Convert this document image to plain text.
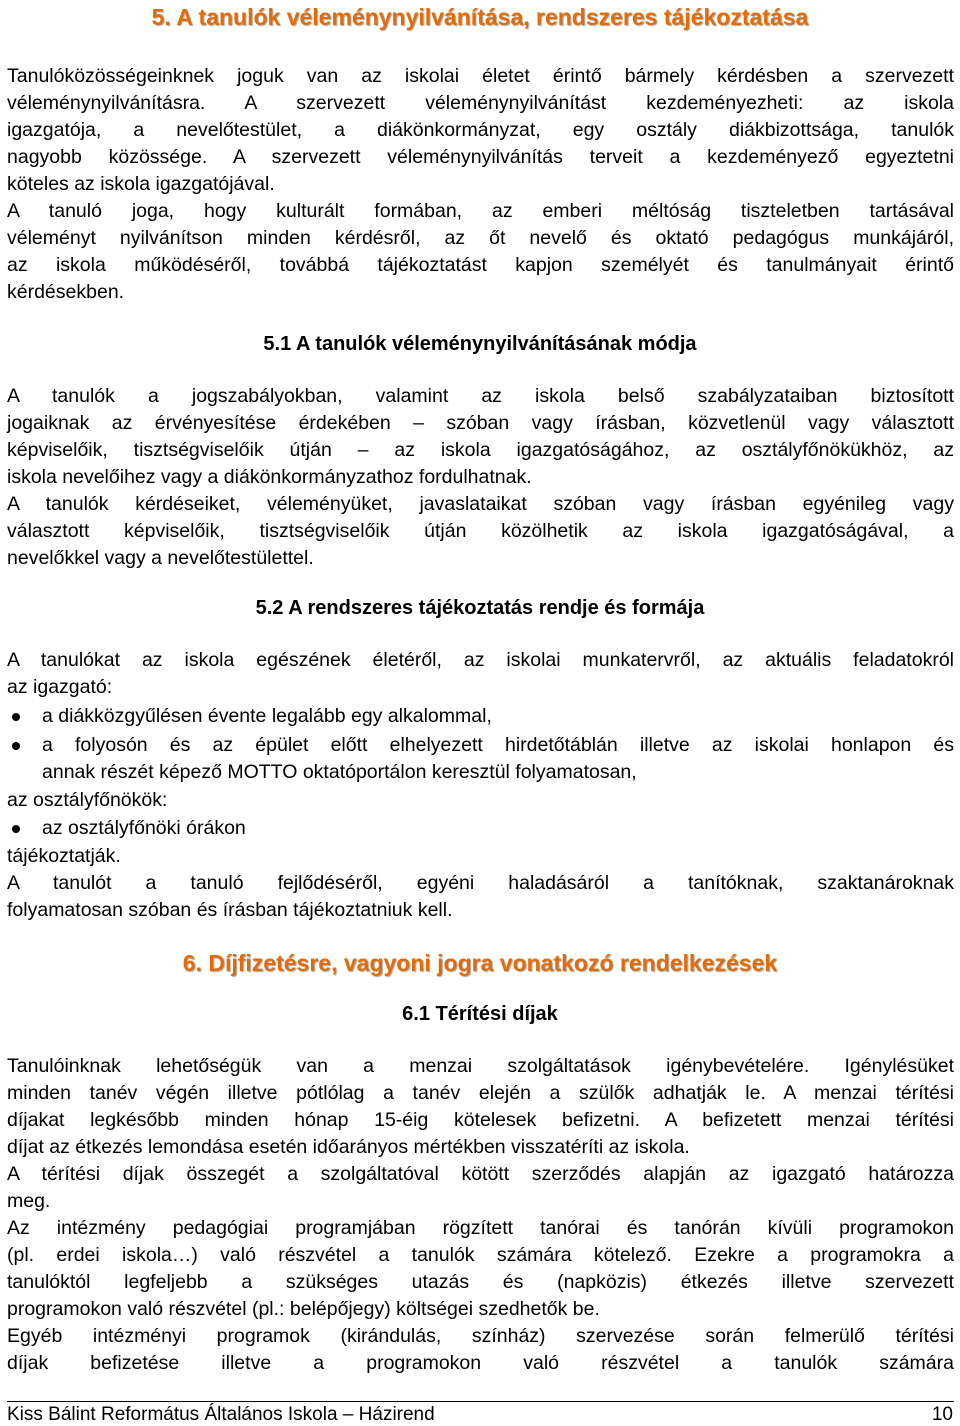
5. A tanulók véleménynyilvánítása, rendszeres tájékoztatása
Tanulóközösségeinknek joguk van az iskolai életet érintő bármely kérdésben a szervezett
véleménynyilvánításra. A szervezett véleménynyilvánítást kezdeményezheti: az iskola
igazgatója, a nevelőtestület, a diákönkormányzat, egy osztály diákbizottsága, tanulók
nagyobb közössége. A szervezett véleménynyilvánítás terveit a kezdeményező egyeztetni
köteles az iskola igazgatójával.
A tanuló joga, hogy kulturált formában, az emberi méltóság tiszteletben tartásával
véleményt nyilvánítson minden kérdésről, az őt nevelő és oktató pedagógus munkájáról,
az iskola működéséről, továbbá tájékoztatást kapjon személyét és tanulmányait érintő
kérdésekben.
5.1 A tanulók véleménynyilvánításának módja
A tanulók a jogszabályokban, valamint az iskola belső szabályzataiban biztosított
jogaiknak az érvényesítése érdekében – szóban vagy írásban, közvetlenül vagy választott
képviselőik, tisztségviselőik útján – az iskola igazgatóságához, az osztályfőnökükhöz, az
iskola nevelőihez vagy a diákönkormányzathoz fordulhatnak.
A tanulók kérdéseiket, véleményüket, javaslataikat szóban vagy írásban egyénileg vagy
választott képviselőik, tisztségviselőik útján közölhetik az iskola igazgatóságával, a
nevelőkkel vagy a nevelőtestülettel.
5.2 A rendszeres tájékoztatás rendje és formája
A tanulókat az iskola egészének életéről, az iskolai munkatervről, az aktuális feladatokról
az igazgató:
a diákközgyűlésen évente legalább egy alkalommal,
a folyosón és az épület előtt elhelyezett hirdetőtáblán illetve az iskolai honlapon és
annak részét képező MOTTO oktatóportálon keresztül folyamatosan,
az osztályfőnökök:
az osztályfőnöki órákon
tájékoztatják.
A tanulót a tanuló fejlődéséről, egyéni haladásáról a tanítóknak, szaktanároknak
folyamatosan szóban és írásban tájékoztatniuk kell.
6. Díjfizetésre, vagyoni jogra vonatkozó rendelkezések
6.1 Térítési díjak
Tanulóinknak lehetőségük van a menzai szolgáltatások igénybevételére. Igénylésüket
minden tanév végén illetve pótlólag a tanév elején a szülők adhatják le. A menzai térítési
díjakat legkésőbb minden hónap 15-éig kötelesek befizetni. A befizetett menzai térítési
díjat az étkezés lemondása esetén időarányos mértékben visszatéríti az iskola.
A térítési díjak összegét a szolgáltatóval kötött szerződés alapján az igazgató határozza
meg.
Az intézmény pedagógiai programjában rögzített tanórai és tanórán kívüli programokon
(pl. erdei iskola…) való részvétel a tanulók számára kötelező. Ezekre a programokra a
tanulóktól legfeljebb a szükséges utazás és (napközis) étkezés illetve szervezett
programokon való részvétel (pl.: belépőjegy) költségei szedhetők be.
Egyéb intézményi programok (kirándulás, színház) szervezése során felmerülő térítési
díjak befizetése illetve a programokon való részvétel a tanulók számára
Kiss Bálint Református Általános Iskola – Házirend	10
